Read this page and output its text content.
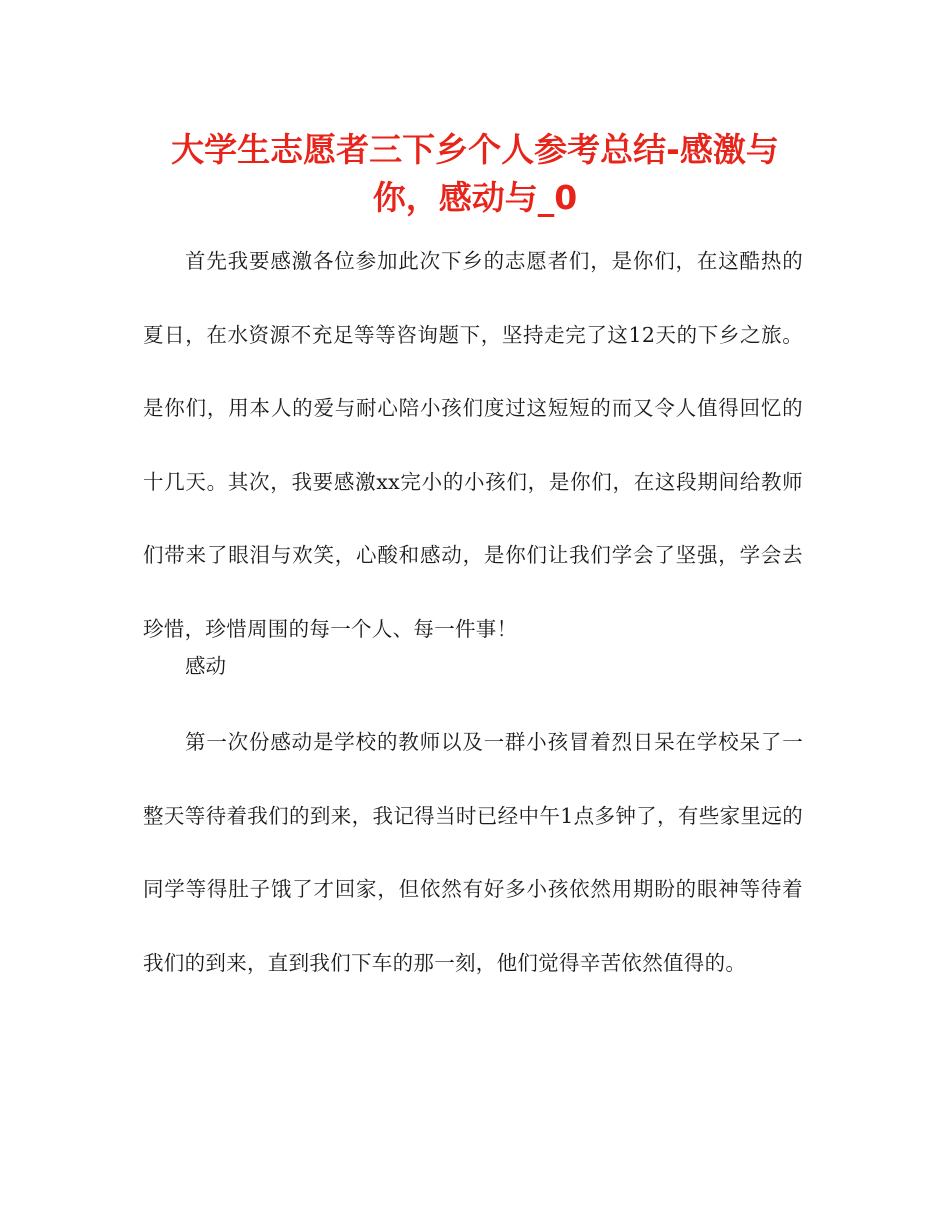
大学生志愿者三下乡个人参考总结-感激与你，感动与_0

首先我要感激各位参加此次下乡的志愿者们，是你们，在这酷热的夏日，在水资源不充足等等咨询题下，坚持走完了这12天的下乡之旅。是你们，用本人的爱与耐心陪小孩们度过这短短的而又令人值得回忆的十几天。其次，我要感激xx完小的小孩们，是你们，在这段期间给教师们带来了眼泪与欢笑，心酸和感动，是你们让我们学会了坚强，学会去珍惜，珍惜周围的每一个人、每一件事！

感动

第一次份感动是学校的教师以及一群小孩冒着烈日呆在学校呆了一整天等待着我们的到来，我记得当时已经中午1点多钟了，有些家里远的同学等得肚子饿了才回家，但依然有好多小孩依然用期盼的眼神等待着我们的到来，直到我们下车的那一刻，他们觉得辛苦依然值得的。
